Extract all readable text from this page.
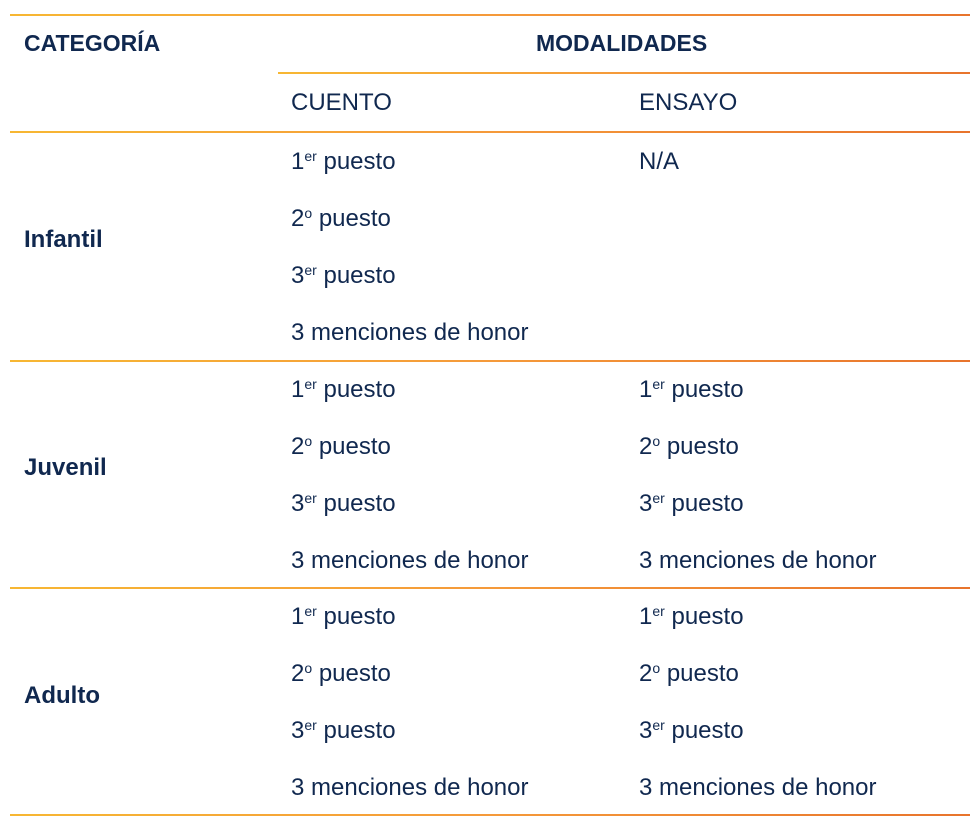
CATEGORÍA	MODALIDADES
CUENTO	ENSAYO
Infantil
Juvenil
Adulto
1er puesto
2$^o$ puesto
3er puesto
3 menciones de honor
N/A
1er puesto
2$^o$ puesto
3er puesto
3 menciones de honor
1er puesto
2$^o$ puesto
3er puesto
3 menciones de honor
1er puesto
2$^o$ puesto
3er puesto
3 menciones de honor
1er puesto
2$^o$ puesto
3er puesto
3 menciones de honor
